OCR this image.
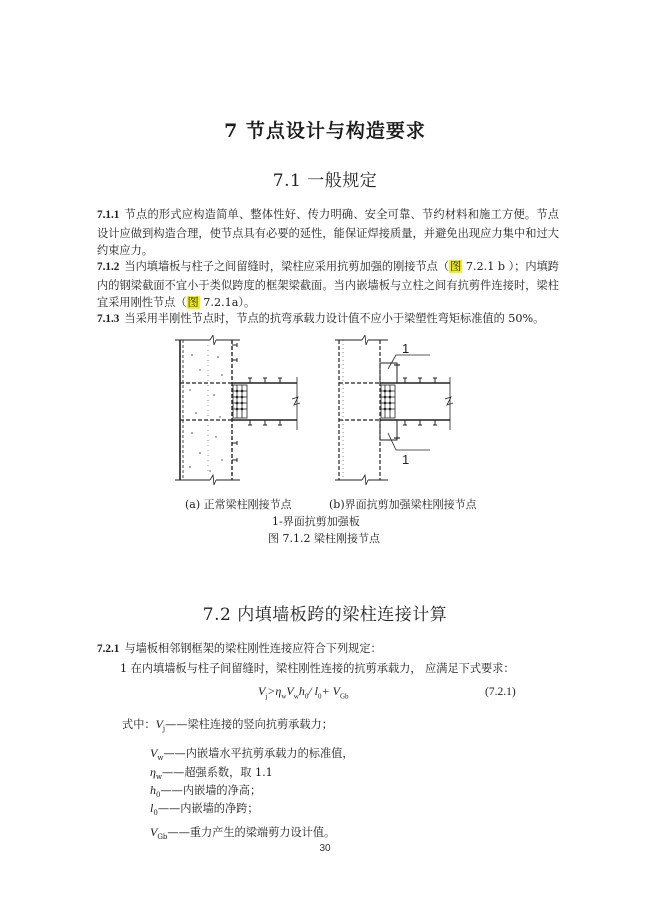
7 节点设计与构造要求
7.1 一般规定
7.1.1 节点的形式应构造简单、整体性好、传力明确、安全可靠、节约材料和施工方便。节点设计应做到构造合理，使节点具有必要的延性，能保证焊接质量，并避免出现应力集中和过大约束应力。
7.1.2 当内填墙板与柱子之间留缝时，梁柱应采用抗剪加强的刚接节点（图 7.2.1 b ）；内填跨内的钢梁截面不宜小于类似跨度的框架梁截面。当内嵌墙板与立柱之间有抗剪件连接时，梁柱宜采用刚性节点（图 7.2.1a）。
7.1.3 当采用半刚性节点时，节点的抗弯承载力设计值不应小于梁塑性弯矩标准值的 50%。
1
1
(a) 正常梁柱刚接节点	(b)界面抗剪加强梁柱刚接节点
1-界面抗剪加强板
图 7.1.2 梁柱刚接节点
7.2 内填墙板跨的梁柱连接计算
7.2.1 与墙板相邻钢框架的梁柱刚性连接应符合下列规定：
1 在内填墙板与柱子间留缝时，梁柱刚性连接的抗剪承载力， 应满足下式要求：
$V_j>\eta_wV_wh_0/$ $l_0+ V_{Gb}$	(7.2.1)
式中：$V_j——$梁柱连接的竖向抗剪承载力；
$V_w——$内嵌墙水平抗剪承载力的标准值，
$\eta_w——$超强系数，取 1.1
$h_0——$内嵌墙的净高；
$l_0——$内嵌墙的净跨；
$V_{Gb}——$重力产生的梁端剪力设计值。
30
